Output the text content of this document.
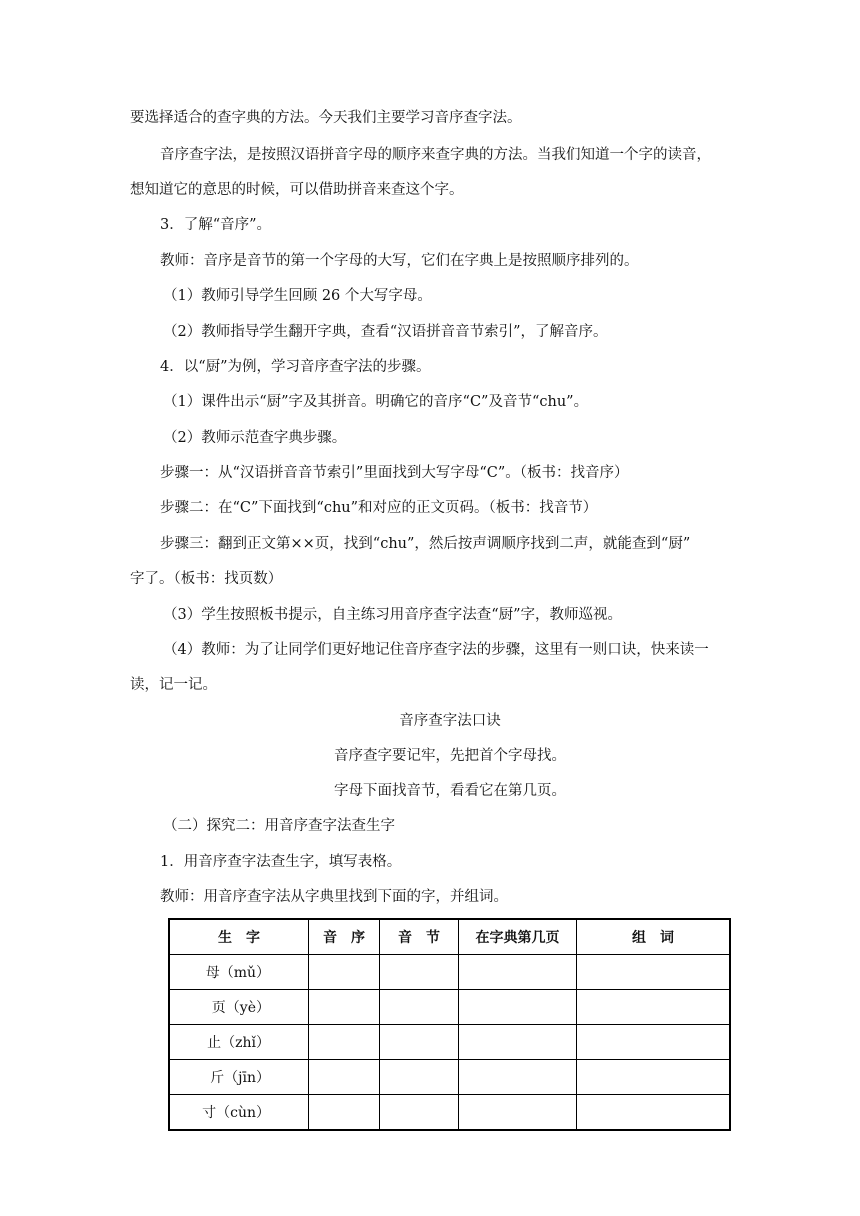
要选择适合的查字典的方法。今天我们主要学习音序查字法。
音序查字法，是按照汉语拼音字母的顺序来查字典的方法。当我们知道一个字的读音，
想知道它的意思的时候，可以借助拼音来查这个字。
3．了解“音序”。
教师：音序是音节的第一个字母的大写，它们在字典上是按照顺序排列的。
（1）教师引导学生回顾 26 个大写字母。
（2）教师指导学生翻开字典，查看“汉语拼音音节索引”，了解音序。
4．以“厨”为例，学习音序查字法的步骤。
（1）课件出示“厨”字及其拼音。明确它的音序“C”及音节“chu”。
（2）教师示范查字典步骤。
步骤一：从“汉语拼音音节索引”里面找到大写字母“C”。（板书：找音序）
步骤二：在“C”下面找到“chu”和对应的正文页码。（板书：找音节）
步骤三：翻到正文第××页，找到“chu”，然后按声调顺序找到二声，就能查到“厨”
字了。（板书：找页数）
（3）学生按照板书提示，自主练习用音序查字法查“厨”字，教师巡视。
（4）教师：为了让同学们更好地记住音序查字法的步骤，这里有一则口诀，快来读一
读，记一记。
音序查字法口诀
音序查字要记牢，先把首个字母找。
字母下面找音节，看看它在第几页。
（二）探究二：用音序查字法查生字
1．用音序查字法查生字，填写表格。
教师：用音序查字法从字典里找到下面的字，并组词。
生　字	音　序	音　节	在字典第几页	组　词
母（mǔ）				
页（yè）				
止（zhǐ）				
斤（jīn）				
寸（cùn）				
